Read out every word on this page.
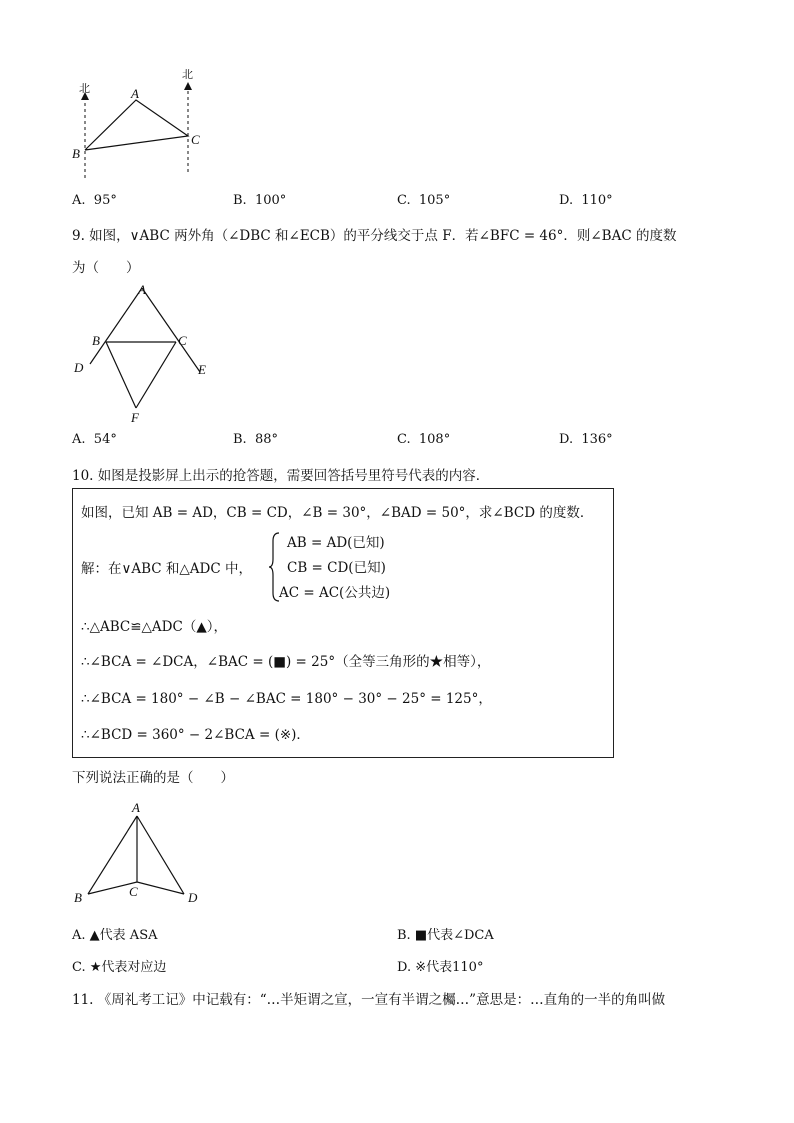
北
北
A
B
C
A. 95°	B. 100°	C. 105°	D. 110°
9. 如图，∨ABC 两外角（∠DBC 和∠ECB）的平分线交于点 F．若∠BFC = 46°．则∠BAC 的度数
为（　　）
A
B	C
D	E
F
A. 54°	B. 88°	C. 108°	D. 136°
10. 如图是投影屏上出示的抢答题，需要回答括号里符号代表的内容．
如图，已知 AB = AD，CB = CD，∠B = 30°，∠BAD = 50°，求∠BCD 的度数．
解：在∨ABC 和△ADC 中，
AB = AD(已知)
CB = CD(已知)
AC = AC(公共边)
∴△ABC≌△ADC（▲），
∴∠BCA = ∠DCA，∠BAC = (■) = 25°（全等三角形的★相等），
∴∠BCA = 180° − ∠B − ∠BAC = 180° − 30° − 25° = 125°，
∴∠BCD = 360° − 2∠BCA = (※)．
下列说法正确的是（　　）
A
B	C	D
A. ▲代表 ASA	B. ■代表∠DCA
C. ★代表对应边	D. ※代表110°
11. 《周礼考工记》中记载有：“…半矩谓之宣，一宣有半谓之欘…”意思是：…直角的一半的角叫做
